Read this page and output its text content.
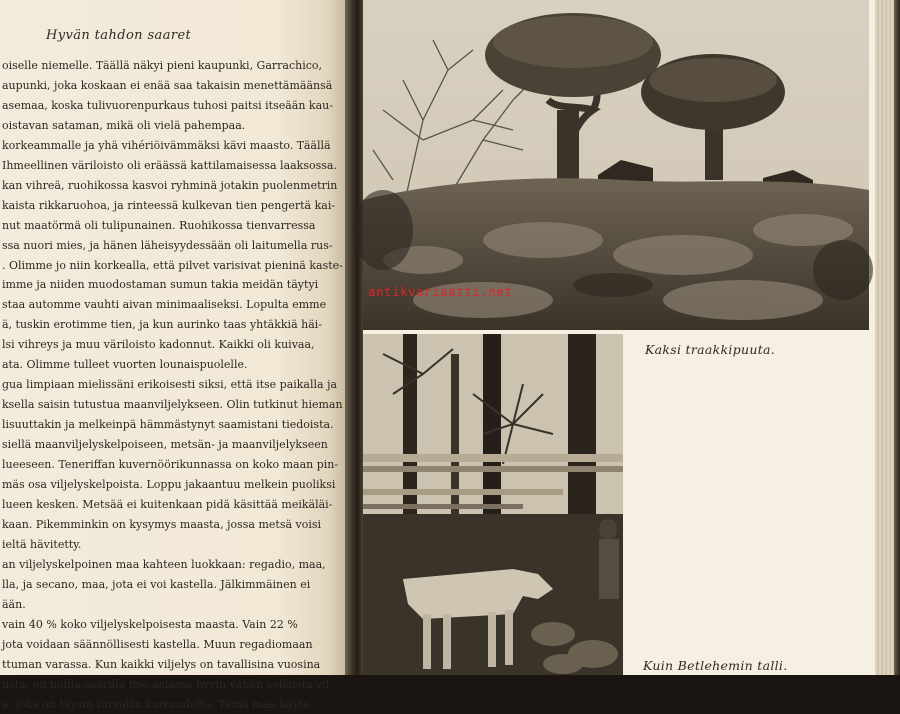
Hyvän tahdon saaret
oiselle niemelle. Täällä näkyi pieni kaupunki, Garrachico,
aupunki, joka koskaan ei enää saa takaisin menettämäänsä
asemaa, koska tulivuorenpurkaus tuhosi paitsi itseään kau-
oistavan sataman, mikä oli vielä pahempaa.
korkeammalle ja yhä vihériöivämmäksi kävi maasto. Täällä
Ihmeellinen väriloisto oli eräässä kattilamaisessa laaksossa.
kan vihreä, ruohikossa kasvoi ryhminä jotakin puolenmetrin
kaista rikkaruohoa, ja rinteessä kulkevan tien pengertä kai-
nut maatörmä oli tulipunainen. Ruohikossa tienvarressa
ssa nuori mies, ja hänen läheisyydessään oli laitumella rus-
. Olimme jo niin korkealla, että pilvet varisivat pieninä kaste-
imme ja niiden muodostaman sumun takia meidän täytyi
staa automme vauhti aivan minimaaliseksi. Lopulta emme
ä, tuskin erotimme tien, ja kun aurinko taas yhtäkkiä häi-
lsi vihreys ja muu väriloisto kadonnut. Kaikki oli kuivaa,
ata. Olimme tulleet vuorten lounaispuolelle.
gua limpiaan mielissäni erikoisesti siksi, että itse paikalla ja
ksella saisin tutustua maanviljelykseen. Olin tutkinut hieman
lisuuttakin ja melkeinpä hämmästynyt saamistani tiedoista.
siellä maanviljelyskelpoiseen, metsän- ja maanviljelykseen
lueeseen. Teneriffan kuvernöörikunnassa on koko maan pin-
mäs osa viljelyskelpoista. Loppu jakaantuu melkein puoliksi
lueen kesken. Metsää ei kuitenkaan pidä käsittää meikäläi-
kaan. Pikemminkin on kysymys maasta, jossa metsä voisi
ieltä hävitetty.
an viljelyskelpoinen maa kahteen luokkaan: regadio, maa,
lla, ja secano, maa, jota ei voi kastella. Jälkimmäinen ei
ään.
vain 40 % koko viljelyskelpoisesta maasta. Vain 22 %
jota voidaan säännöllisesti kastella. Muun regadiomaan
ttuman varassa. Kun kaikki viljelys on tavallisina vuosina
usta, on noilla saarilla itse asiassa hyvin vähän sellaista vil-
a, joka on täysin turvattu kuivuudelta. Tämä maa käyte-
Kaksi traakkipuuta.
Kuin Betlehemin talli.
antikvariaatti.net
